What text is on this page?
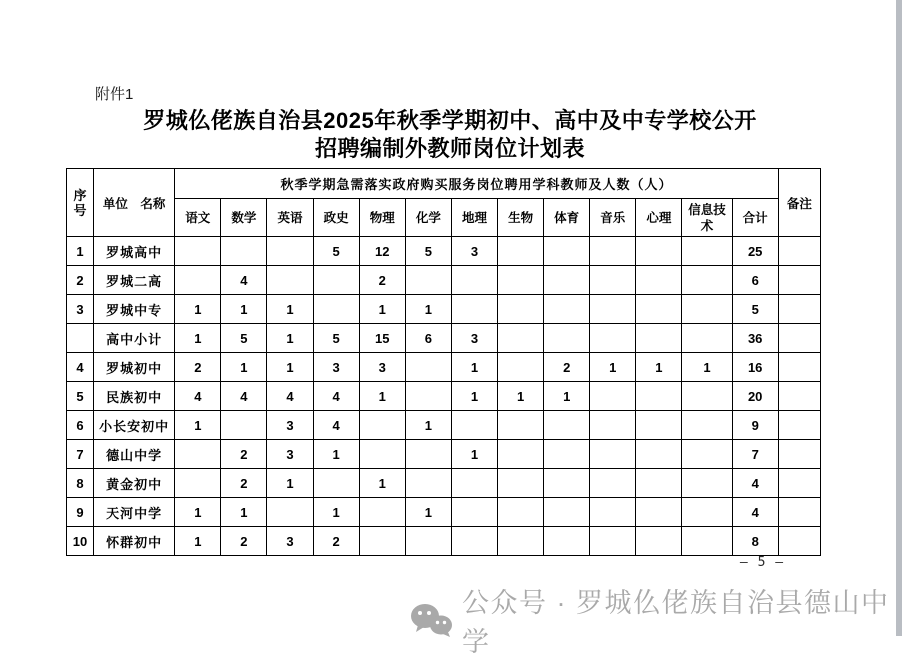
附件1
罗城仫佬族自治县2025年秋季学期初中、高中及中专学校公开
招聘编制外教师岗位计划表
序号	单位　名称	秋季学期急需落实政府购买服务岗位聘用学科教师及人数（人）													备注
		语文	数学	英语	政史	物理	化学	地理	生物	体育	音乐	心理	信息技术	合计	
1	罗城高中				5	12	5	3						25	
2	罗城二高		4			2								6	
3	罗城中专	1	1	1		1	1							5	
	高中小计	1	5	1	5	15	6	3						36	
4	罗城初中	2	1	1	3	3		1		2	1	1	1	16	
5	民族初中	4	4	4	4	1		1	1	1				20	
6	小长安初中	1		3	4		1							9	
7	德山中学		2	3	1			1						7	
8	黄金初中		2	1		1								4	
9	天河中学	1	1		1		1							4	
10	怀群初中	1	2	3	2									8	
— 5 —
公众号 · 罗城仫佬族自治县德山中学
